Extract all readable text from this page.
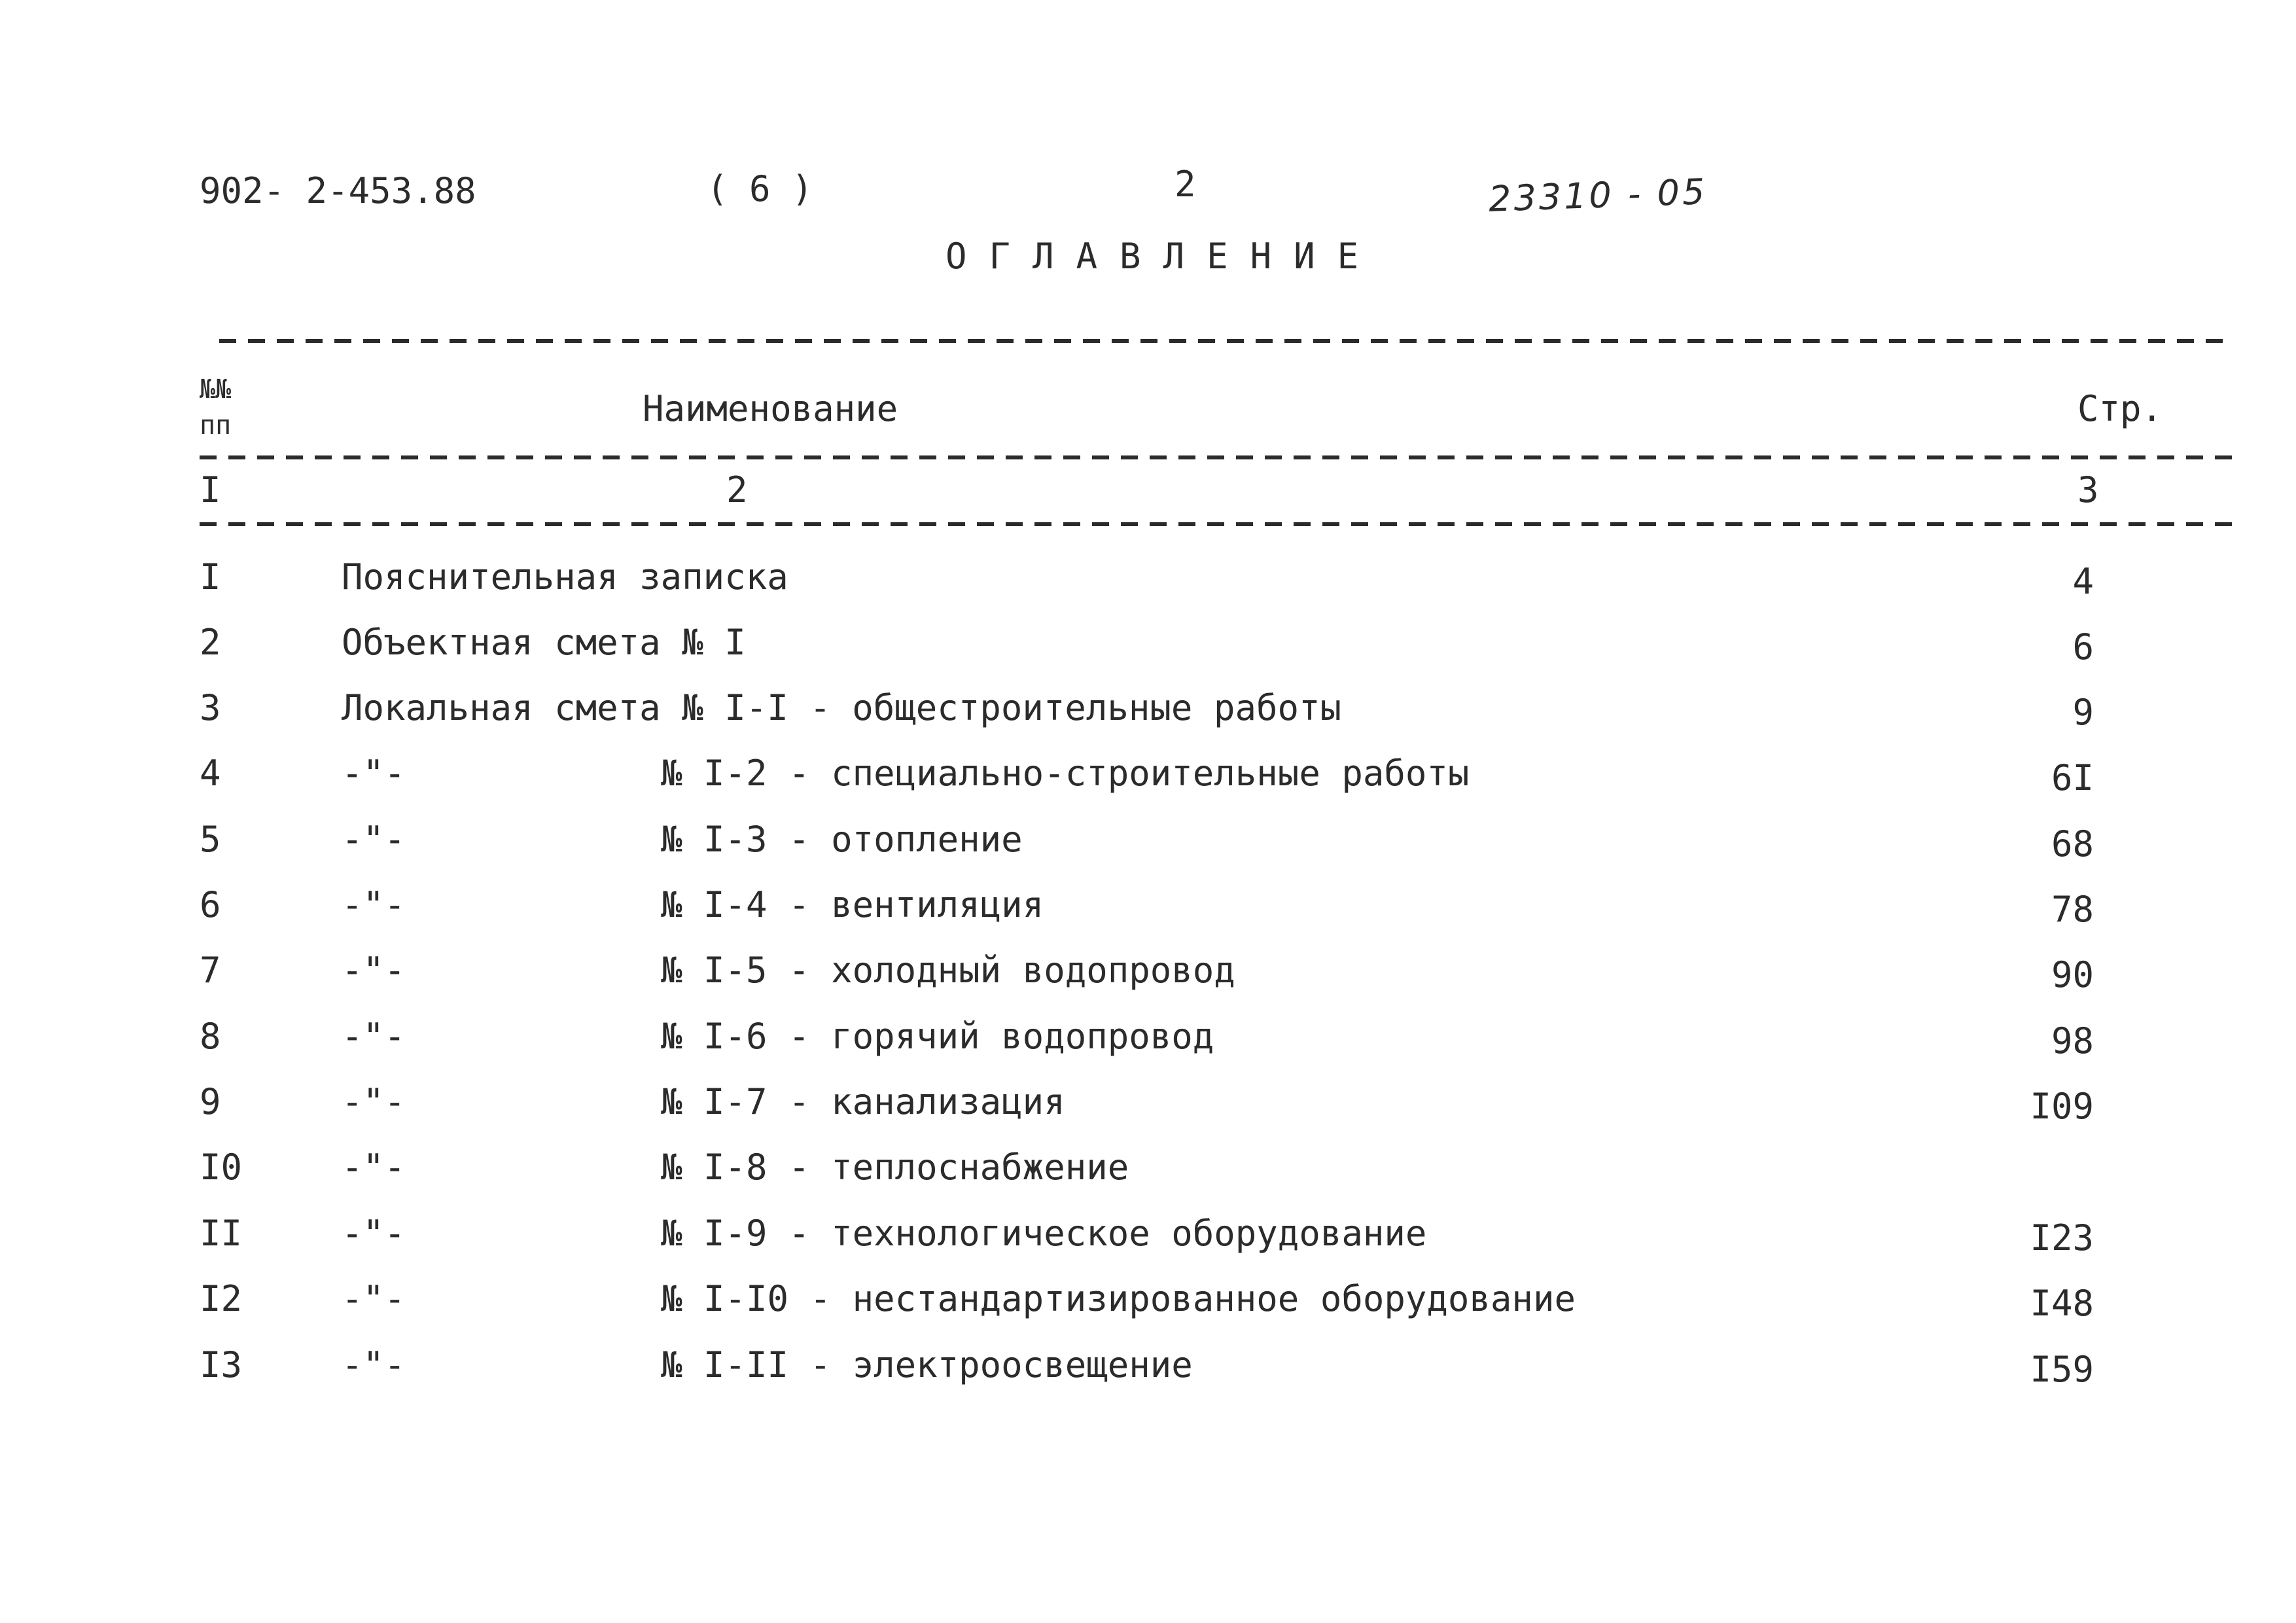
902- 2-453.88	( 6 )	2	23310 - 05
ОГЛАВЛЕНИЕ
№№
пп	Наименование	Стр.
I	2	3
I	Пояснительная записка	4
2	Объектная смета № I	6
3	Локальная смета № I-I - общестроительные работы	9
4	-"-	№ I-2 - специально-строительные работы	6I
5	-"-	№ I-3 - отопление	68
6	-"-	№ I-4 - вентиляция	78
7	-"-	№ I-5 - холодный водопровод	90
8	-"-	№ I-6 - горячий водопровод	98
9	-"-	№ I-7 - канализация	I09
I0	-"-	№ I-8 - теплоснабжение
II	-"-	№ I-9 - технологическое оборудование	I23
I2	-"-	№ I-I0 - нестандартизированное оборудование	I48
I3	-"-	№ I-II - электроосвещение	I59
